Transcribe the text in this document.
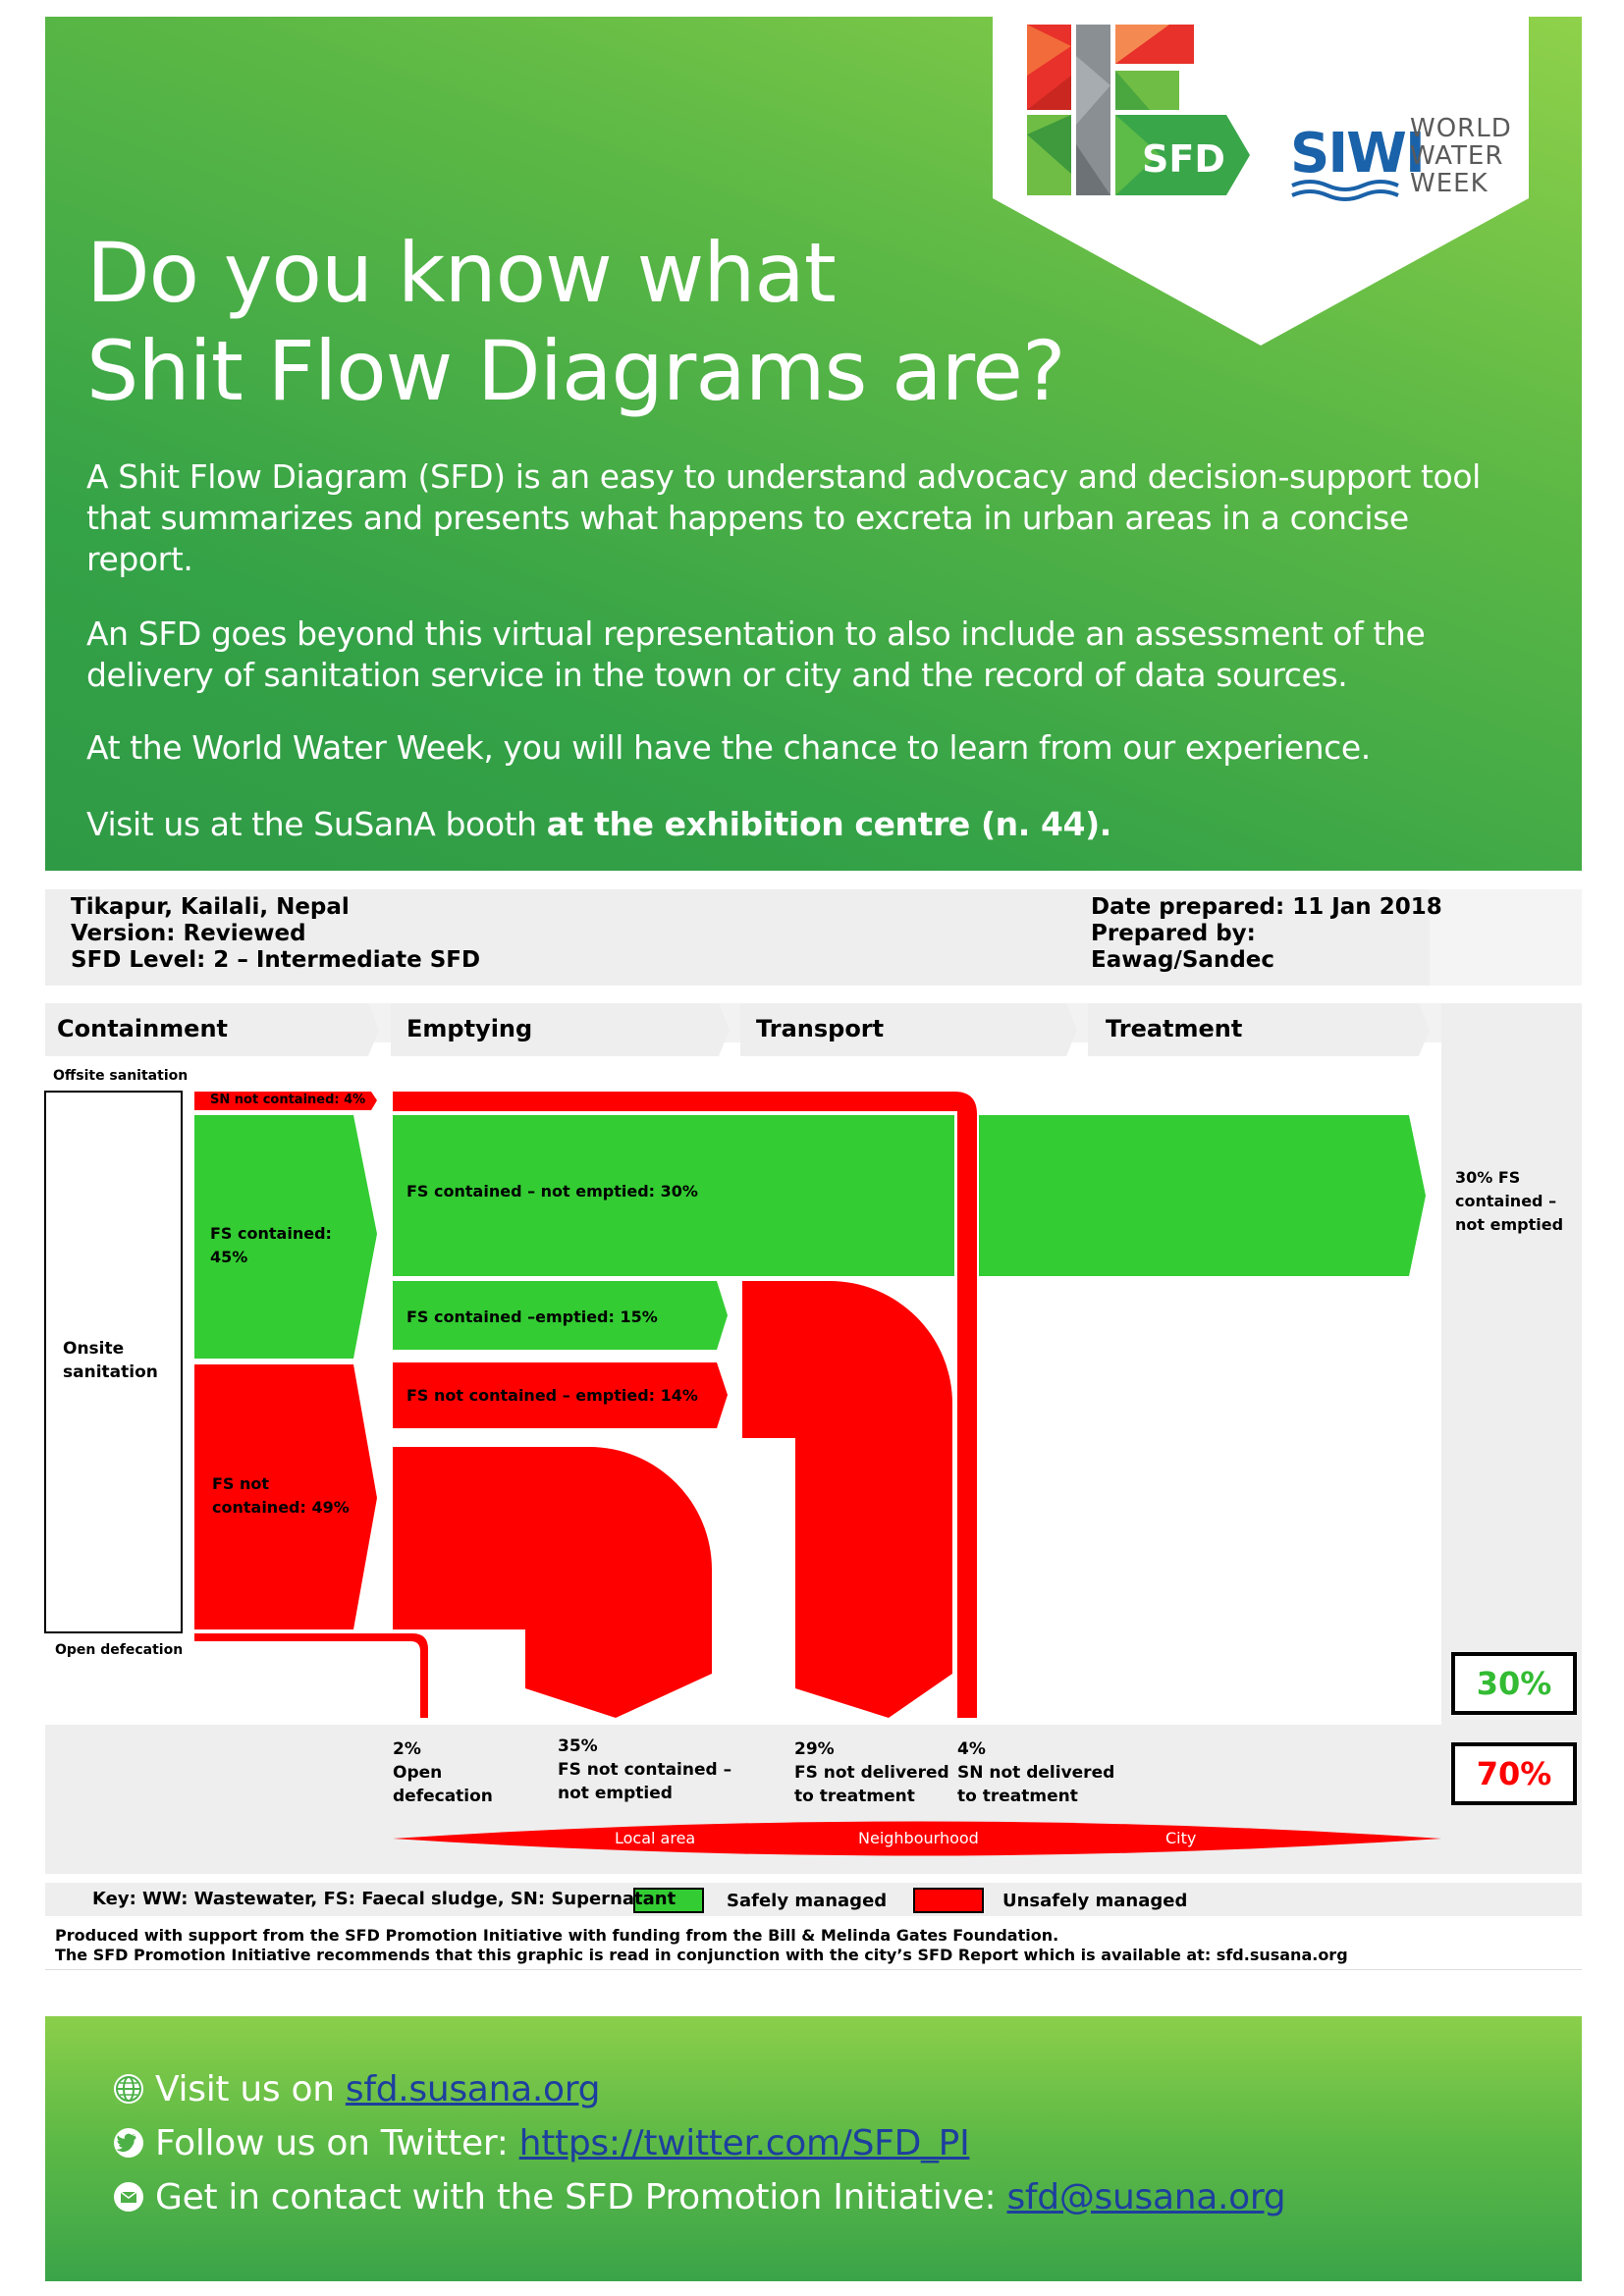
SFD SIWI
WORLD
WATER
WEEK
Do you know what
Shit Flow Diagrams are?
A Shit Flow Diagram (SFD) is an easy to understand advocacy and decision-support tool that summarizes and presents what happens to excreta in urban areas in a concise report.
An SFD goes beyond this virtual representation to also include an assessment of the delivery of sanitation service in the town or city and the record of data sources.
At the World Water Week, you will have the chance to learn from our experience.
Visit us at the SuSanA booth at the exhibition centre (n. 44).
Tikapur, Kailali, Nepal
Version: Reviewed
SFD Level: 2 – Intermediate SFD
Date prepared: 11 Jan 2018
Prepared by:
Eawag/Sandec
Containment	Emptying	Transport	Treatment
Offsite sanitation
Onsite
sanitation
Open defecation
SN not contained: 4%
FS contained:
45%
FS not
contained: 49%
FS contained – not emptied: 30%
FS contained –emptied: 15%
FS not contained – emptied: 14%
30% FS
contained –
not emptied
30%
70%
2%
Open
defecation
35%
FS not contained –
not emptied
29%
FS not delivered
to treatment
4%
SN not delivered
to treatment
Local area	Neighbourhood	City
Key: WW: Wastewater, FS: Faecal sludge, SN: Supernatant	Safely managed	Unsafely managed
Produced with support from the SFD Promotion Initiative with funding from the Bill & Melinda Gates Foundation.
The SFD Promotion Initiative recommends that this graphic is read in conjunction with the city’s SFD Report which is available at: sfd.susana.org
Visit us on sfd.susana.org
Follow us on Twitter: https://twitter.com/SFD_PI
Get in contact with the SFD Promotion Initiative: sfd@susana.org
